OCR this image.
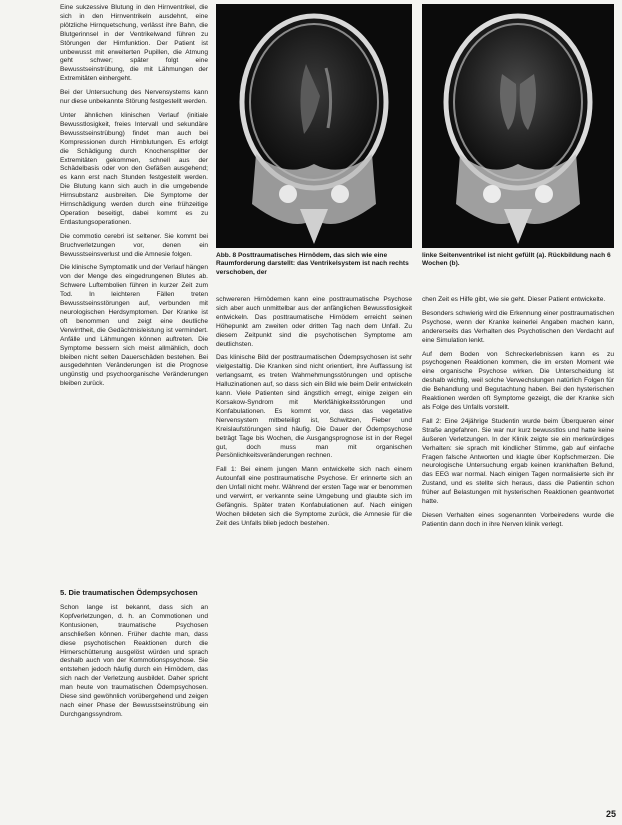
Eine sukzessive Blutung in den Hirnventrikel, die sich in den Hirnventrikeln ausdehnt, eine plötzliche Hirnquetschung, verlässt ihre Bahn, die Blutgerinnsel in der Ventrikelwand führen zu Störungen der Hirnfunktion. Der Patient ist unbewusst mit erweiterten Pupillen, die Atmung geht schwer; später folgt eine Bewusstseinstrübung, die mit Lähmungen der Extremitäten einhergeht.

Bei der Untersuchung des Nervensystems kann nur diese unbekannte Störung festgestellt werden.

Unter ähnlichen klinischen Verlauf (initiale Bewusstlosigkeit, freies Intervall und sekundäre Bewusstseinstrübung) findet man auch bei Kompressionen durch Hirnblutungen. Es erfolgt die Schädigung durch Knochensplitter der Extremitäten gekommen, schnell aus der Schädelbasis oder von den Gefäßen ausgehend; es kann erst nach Stunden festgestellt werden. Die Blutung kann sich auch in die umgebende Hirnsubstanz ausbreiten. Die Symptome der Hirnschädigung werden durch eine frühzeitige Operation beseitigt, dabei kommt es zu Entlastungsoperationen.

Die commotio cerebri ist seltener. Sie kommt bei Bruchverletzungen vor, denen ein Bewusstseinsverlust und die Amnesie folgen.

Die klinische Symptomatik und der Verlauf hängen von der Menge des eingedrungenen Blutes ab. Schwere Luftembolien führen in kurzer Zeit zum Tod. In leichteren Fällen treten Bewusstseinsstörungen auf, verbunden mit neurologischen Herdsymptomen. Der Kranke ist oft benommen und zeigt eine deutliche Verwirrtheit, die Gedächtnisleistung ist vermindert. Anfälle und Lähmungen können auftreten. Die Symptome bessern sich meist allmählich, doch bleiben nicht selten Dauerschäden bestehen. Bei ausgedehnten Veränderungen ist die Prognose ungünstig und psychoorganische Veränderungen bleiben zurück.

5. Die traumatischen Ödempsychosen

Schon lange ist bekannt, dass sich an Kopfverletzungen, d. h. an Commotionen und Kontusionen, traumatische Psychosen anschließen können. Früher dachte man, dass diese psychotischen Reaktionen durch die Hirnerschütterung ausgelöst würden und sprach deshalb auch von der Kommotionspsychose. Sie entstehen jedoch häufig durch ein Hirnödem, das sich nach der Verletzung ausbildet. Daher spricht man heute von traumatischen Ödempsychosen. Diese sind gewöhnlich vorübergehend und zeigen nach einer Phase der Bewusstseinstrübung ein Durchgangssyndrom.

Abb. 8 Posttraumatisches Hirnödem, das sich wie eine Raumforderung darstellt: das Ventrikelsystem ist nach rechts verschoben, der
linke Seitenventrikel ist nicht gefüllt (a). Rückbildung nach 6 Wochen (b).

schwereren Hirnödemen kann eine posttraumatische Psychose sich aber auch unmittelbar aus der anfänglichen Bewusstlosigkeit entwickeln. Das posttraumatische Hirnödem erreicht seinen Höhepunkt am zweiten oder dritten Tag nach dem Unfall. Zu diesem Zeitpunkt sind die psychotischen Symptome am deutlichsten.

Das klinische Bild der posttraumatischen Ödempsychosen ist sehr vielgestaltig. Die Kranken sind nicht orientiert, ihre Auffassung ist verlangsamt, es treten Wahrnehmungsstörungen und optische Halluzinationen auf, so dass sich ein Bild wie beim Delir entwickeln kann. Viele Patienten sind ängstlich erregt, einige zeigen ein Korsakow-Syndrom mit Merkfähigkeitsstörungen und Konfabulationen. Es kommt vor, dass das vegetative Nervensystem mitbeteiligt ist, Schwitzen, Fieber und Kreislaufstörungen sind häufig. Die Dauer der Ödempsychose beträgt Tage bis Wochen, die Ausgangsprognose ist in der Regel gut, doch muss man mit organischen Persönlichkeitsveränderungen rechnen.

Fall 1: Bei einem jungen Mann entwickelte sich nach einem Autounfall eine posttraumatische Psychose. Er erinnerte sich an den Unfall nicht mehr. Während der ersten Tage war er benommen und verwirrt, er verkannte seine Umgebung und glaubte sich im Gefängnis. Später traten Konfabulationen auf. Nach einigen Wochen bildeten sich die Symptome zurück, die Amnesie für die Zeit des Unfalls blieb jedoch bestehen.

chen Zeit es Hilfe gibt, wie sie geht. Dieser Patient entwickelte.

Besonders schwierig wird die Erkennung einer posttraumatischen Psychose, wenn der Kranke keinerlei Angaben machen kann, andererseits das Verhalten des Psychotischen den Verdacht auf eine Simulation lenkt.

Auf dem Boden von Schreckerlebnissen kann es zu psychogenen Reaktionen kommen, die im ersten Moment wie eine organische Psychose wirken. Die Unterscheidung ist deshalb wichtig, weil solche Verwechslungen natürlich Folgen für die Behandlung und Begutachtung haben. Bei den hysterischen Reaktionen werden oft Symptome gezeigt, die der Kranke sich als Folge des Unfalls vorstellt.

Fall 2: Eine 24jährige Studentin wurde beim Überqueren einer Straße angefahren. Sie war nur kurz bewusstlos und hatte keine äußeren Verletzungen. In der Klinik zeigte sie ein merkwürdiges Verhalten: sie sprach mit kindlicher Stimme, gab auf einfache Fragen falsche Antworten und klagte über Kopfschmerzen. Die neurologische Untersuchung ergab keinen krankhaften Befund, das EEG war normal. Nach einigen Tagen normalisierte sich ihr Zustand, und es stellte sich heraus, dass die Patientin schon früher auf Belastungen mit hysterischen Reaktionen geantwortet hatte.

Diesen Verhalten eines sogenannten Vorbeiredens wurde die Patientin dann doch in ihre Nerven klinik verlegt.

25
